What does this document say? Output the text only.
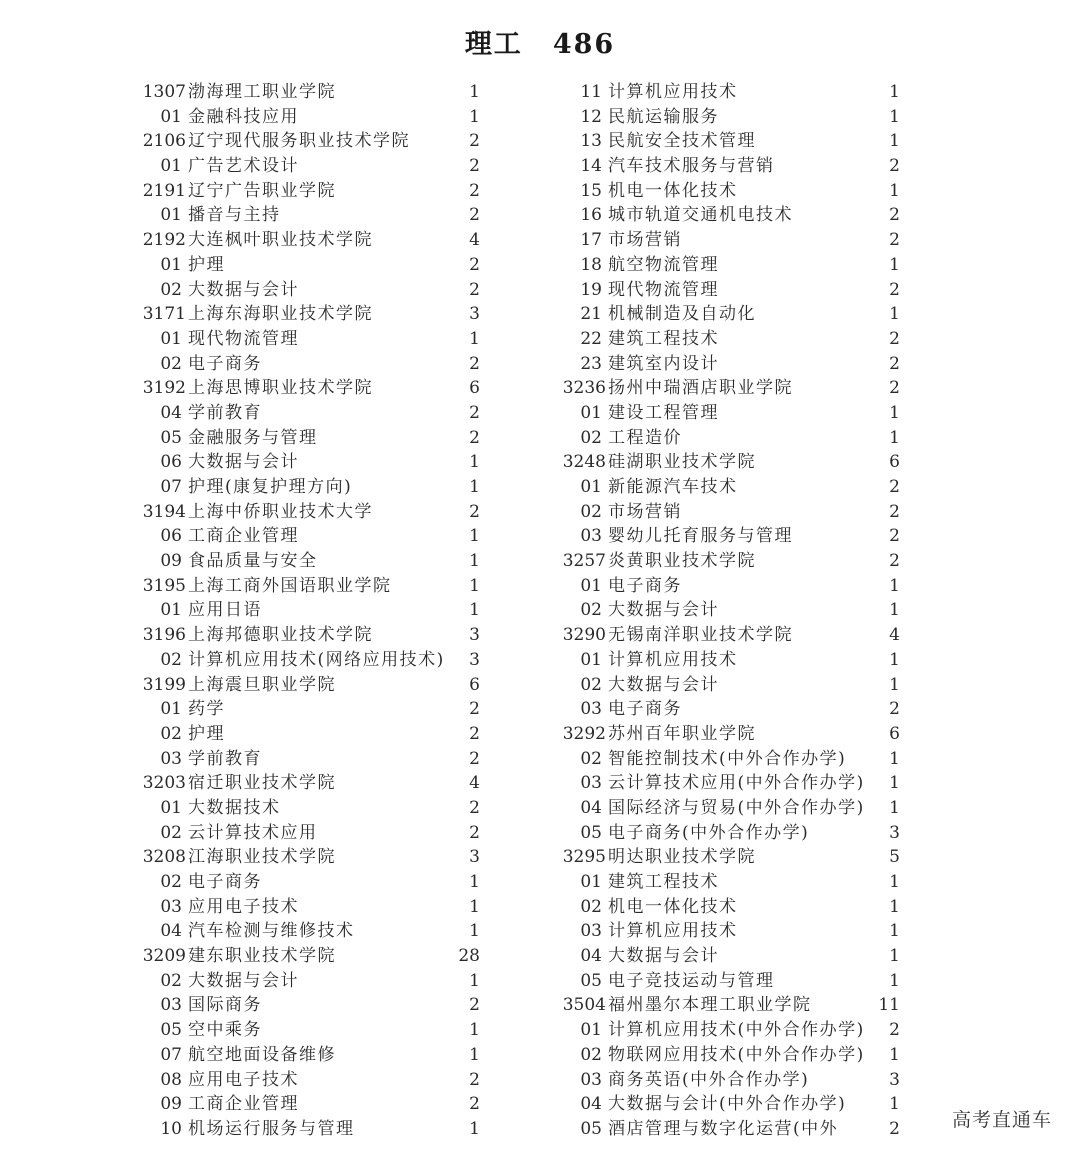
理工 486
1307 渤海理工职业学院	1
01 金融科技应用	1
2106 辽宁现代服务职业技术学院	2
01 广告艺术设计	2
2191 辽宁广告职业学院	2
01 播音与主持	2
2192 大连枫叶职业技术学院	4
01 护理	2
02 大数据与会计	2
3171 上海东海职业技术学院	3
01 现代物流管理	1
02 电子商务	2
3192 上海思博职业技术学院	6
04 学前教育	2
05 金融服务与管理	2
06 大数据与会计	1
07 护理(康复护理方向)	1
3194 上海中侨职业技术大学	2
06 工商企业管理	1
09 食品质量与安全	1
3195 上海工商外国语职业学院	1
01 应用日语	1
3196 上海邦德职业技术学院	3
02 计算机应用技术(网络应用技术)	3
3199 上海震旦职业学院	6
01 药学	2
02 护理	2
03 学前教育	2
3203 宿迁职业技术学院	4
01 大数据技术	2
02 云计算技术应用	2
3208 江海职业技术学院	3
02 电子商务	1
03 应用电子技术	1
04 汽车检测与维修技术	1
3209 建东职业技术学院	28
02 大数据与会计	1
03 国际商务	2
05 空中乘务	1
07 航空地面设备维修	1
08 应用电子技术	2
09 工商企业管理	2
10 机场运行服务与管理	1
11 计算机应用技术	1
12 民航运输服务	1
13 民航安全技术管理	1
14 汽车技术服务与营销	2
15 机电一体化技术	1
16 城市轨道交通机电技术	2
17 市场营销	2
18 航空物流管理	1
19 现代物流管理	2
21 机械制造及自动化	1
22 建筑工程技术	2
23 建筑室内设计	2
3236 扬州中瑞酒店职业学院	2
01 建设工程管理	1
02 工程造价	1
3248 硅湖职业技术学院	6
01 新能源汽车技术	2
02 市场营销	2
03 婴幼儿托育服务与管理	2
3257 炎黄职业技术学院	2
01 电子商务	1
02 大数据与会计	1
3290 无锡南洋职业技术学院	4
01 计算机应用技术	1
02 大数据与会计	1
03 电子商务	2
3292 苏州百年职业学院	6
02 智能控制技术(中外合作办学)	1
03 云计算技术应用(中外合作办学)	1
04 国际经济与贸易(中外合作办学)	1
05 电子商务(中外合作办学)	3
3295 明达职业技术学院	5
01 建筑工程技术	1
02 机电一体化技术	1
03 计算机应用技术	1
04 大数据与会计	1
05 电子竞技运动与管理	1
3504 福州墨尔本理工职业学院	11
01 计算机应用技术(中外合作办学)	2
02 物联网应用技术(中外合作办学)	1
03 商务英语(中外合作办学)	3
04 大数据与会计(中外合作办学)	1
05 酒店管理与数字化运营(中外	2	高考直通车
